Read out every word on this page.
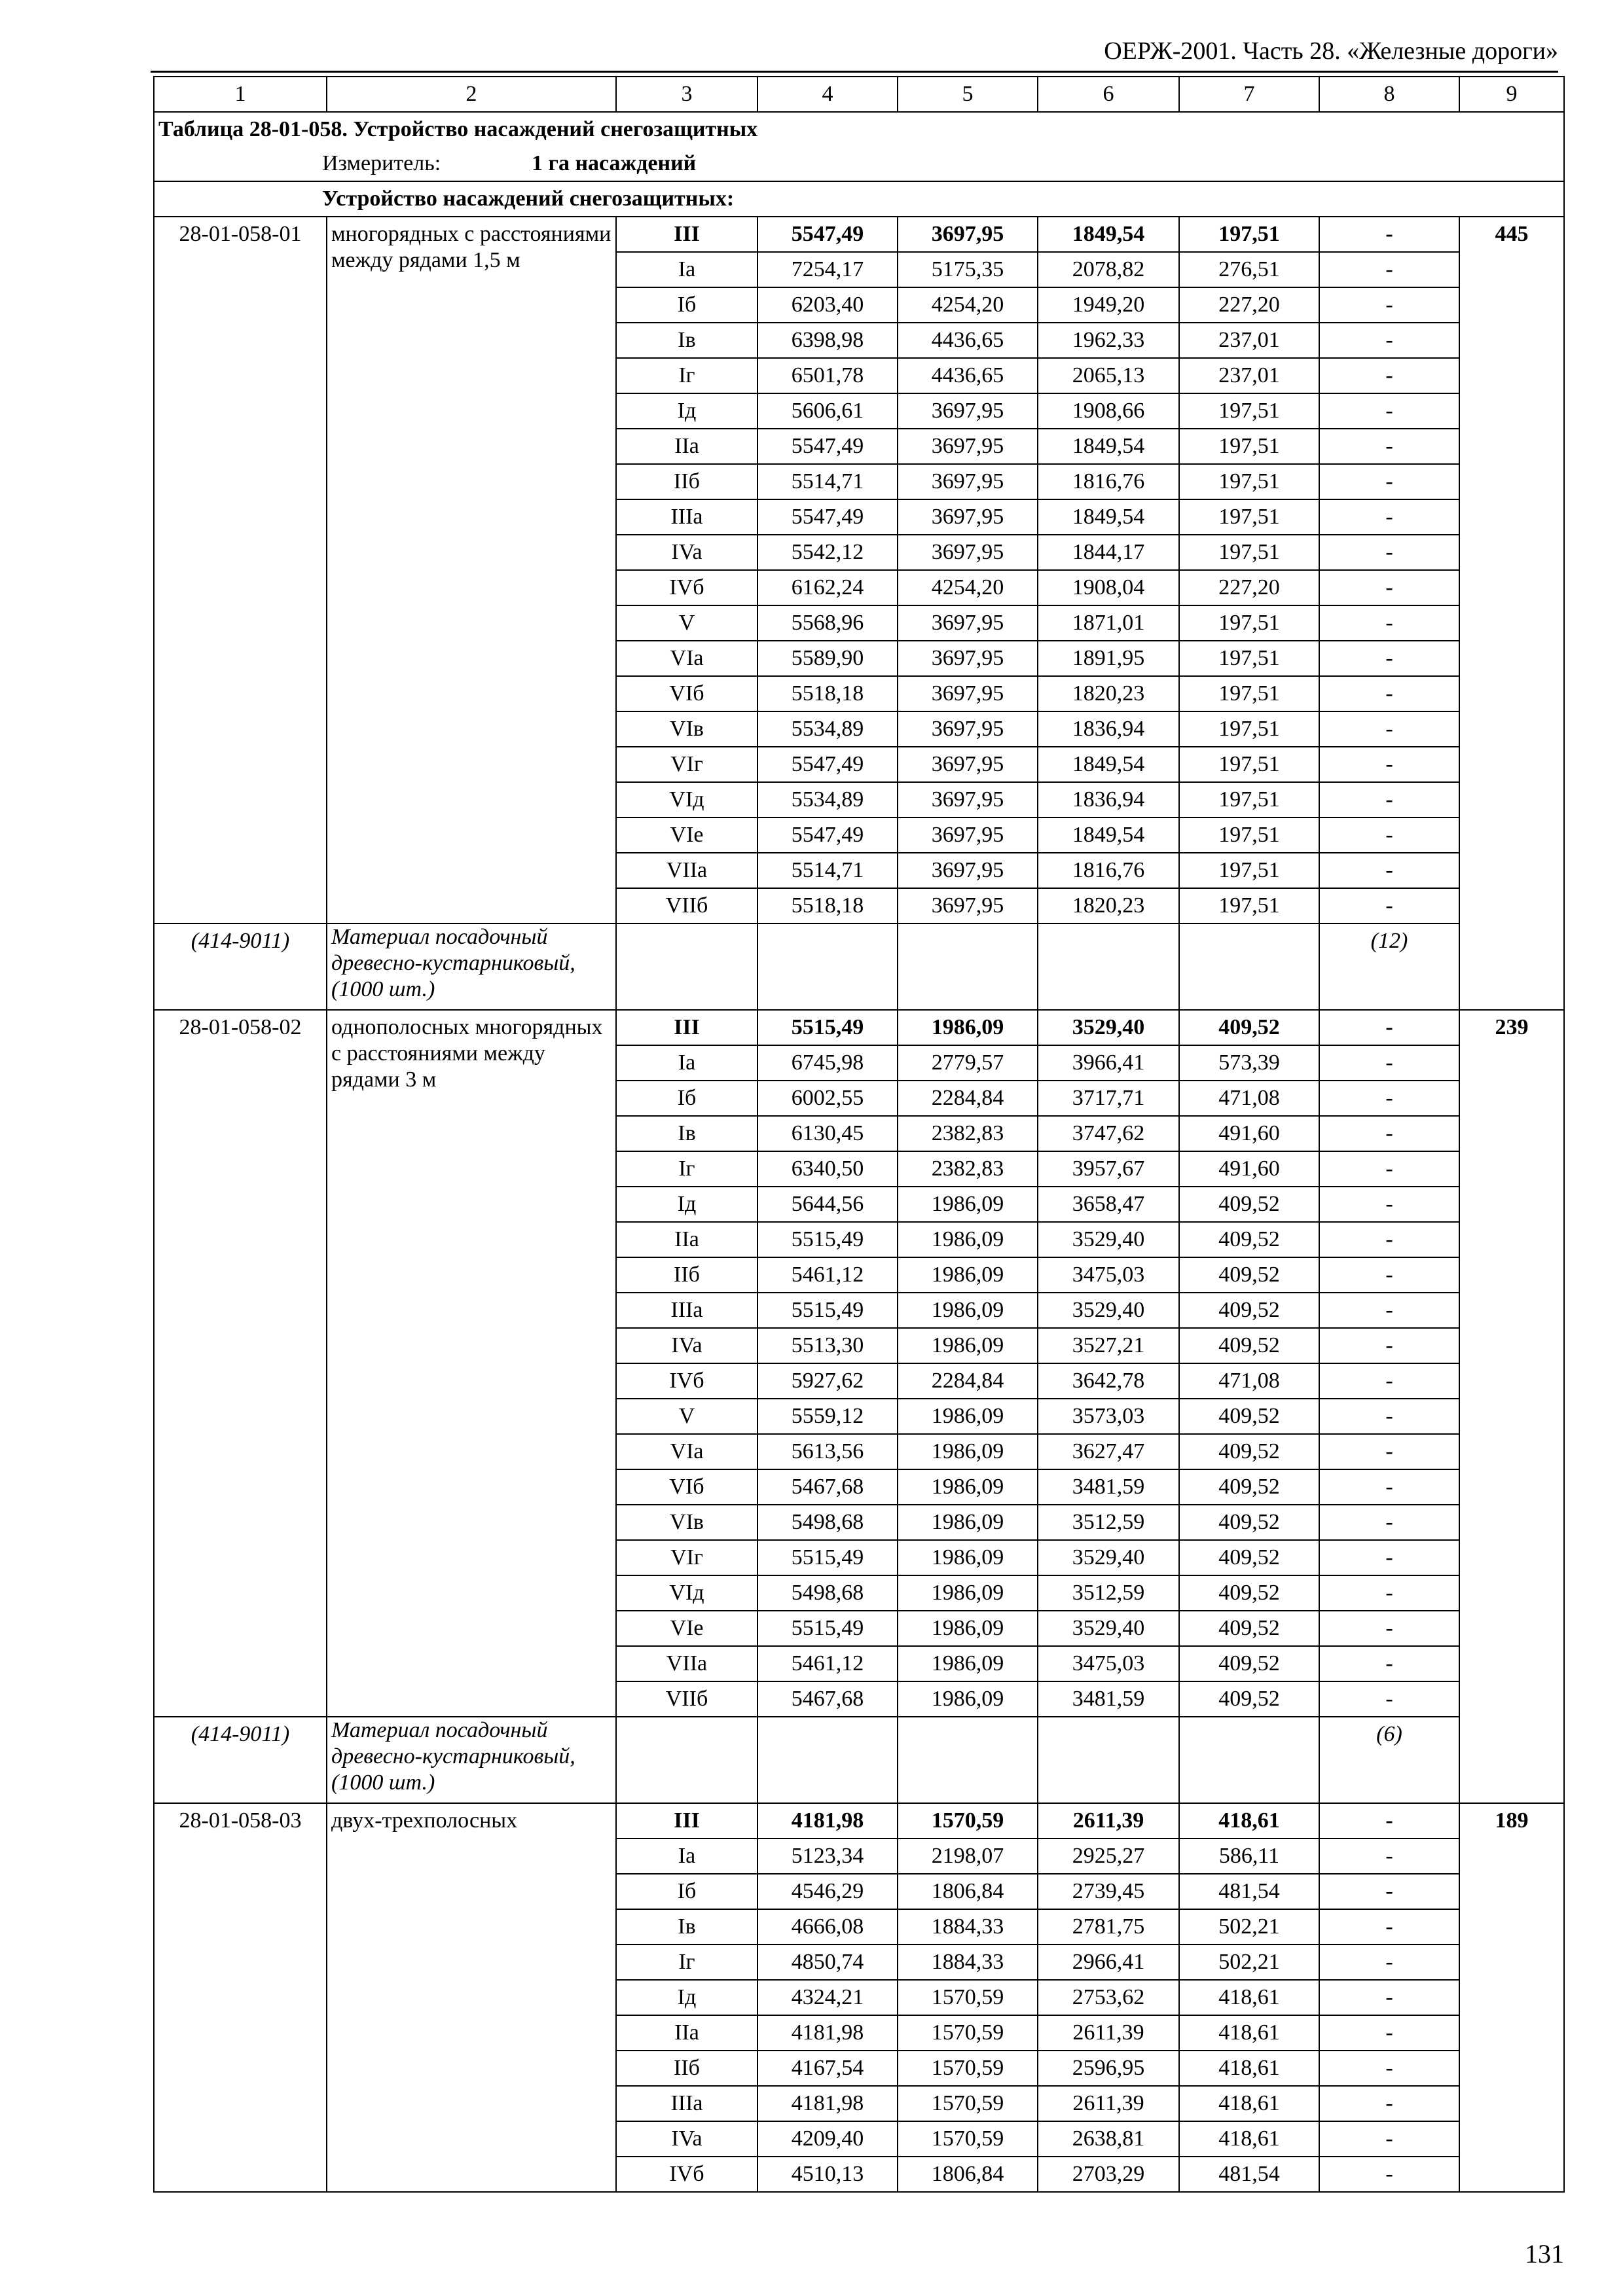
ОЕРЖ-2001. Часть 28. «Железные дороги»
1	2	3	4	5	6	7	8	9
Таблица 28-01-058. Устройство насаждений снегозащитных								
Измеритель: 1 га насаждений								
Устройство насаждений снегозащитных:								
28-01-058-01	многорядных с расстояниями между рядами 1,5 м	III	5547,49	3697,95	1849,54	197,51	-	445
		Ia	7254,17	5175,35	2078,82	276,51	-	
		Iб	6203,40	4254,20	1949,20	227,20	-	
		Iв	6398,98	4436,65	1962,33	237,01	-	
		Iг	6501,78	4436,65	2065,13	237,01	-	
		Iд	5606,61	3697,95	1908,66	197,51	-	
		IIa	5547,49	3697,95	1849,54	197,51	-	
		IIб	5514,71	3697,95	1816,76	197,51	-	
		IIIa	5547,49	3697,95	1849,54	197,51	-	
		IVa	5542,12	3697,95	1844,17	197,51	-	
		IVб	6162,24	4254,20	1908,04	227,20	-	
		V	5568,96	3697,95	1871,01	197,51	-	
		VIa	5589,90	3697,95	1891,95	197,51	-	
		VIб	5518,18	3697,95	1820,23	197,51	-	
		VIв	5534,89	3697,95	1836,94	197,51	-	
		VIг	5547,49	3697,95	1849,54	197,51	-	
		VIд	5534,89	3697,95	1836,94	197,51	-	
		VIe	5547,49	3697,95	1849,54	197,51	-	
		VIIa	5514,71	3697,95	1816,76	197,51	-	
		VIIб	5518,18	3697,95	1820,23	197,51	-	
(414-9011)	Материал посадочный древесно-кустарниковый, (1000 шт.)						(12)	
28-01-058-02	однополосных многорядных с расстояниями между рядами 3 м	III	5515,49	1986,09	3529,40	409,52	-	239
		Ia	6745,98	2779,57	3966,41	573,39	-	
		Iб	6002,55	2284,84	3717,71	471,08	-	
		Iв	6130,45	2382,83	3747,62	491,60	-	
		Iг	6340,50	2382,83	3957,67	491,60	-	
		Iд	5644,56	1986,09	3658,47	409,52	-	
		IIa	5515,49	1986,09	3529,40	409,52	-	
		IIб	5461,12	1986,09	3475,03	409,52	-	
		IIIa	5515,49	1986,09	3529,40	409,52	-	
		IVa	5513,30	1986,09	3527,21	409,52	-	
		IVб	5927,62	2284,84	3642,78	471,08	-	
		V	5559,12	1986,09	3573,03	409,52	-	
		VIa	5613,56	1986,09	3627,47	409,52	-	
		VIб	5467,68	1986,09	3481,59	409,52	-	
		VIв	5498,68	1986,09	3512,59	409,52	-	
		VIг	5515,49	1986,09	3529,40	409,52	-	
		VIд	5498,68	1986,09	3512,59	409,52	-	
		VIe	5515,49	1986,09	3529,40	409,52	-	
		VIIa	5461,12	1986,09	3475,03	409,52	-	
		VIIб	5467,68	1986,09	3481,59	409,52	-	
(414-9011)	Материал посадочный древесно-кустарниковый, (1000 шт.)						(6)	
28-01-058-03	двух-трехполосных	III	4181,98	1570,59	2611,39	418,61	-	189
		Ia	5123,34	2198,07	2925,27	586,11	-	
		Iб	4546,29	1806,84	2739,45	481,54	-	
		Iв	4666,08	1884,33	2781,75	502,21	-	
		Iг	4850,74	1884,33	2966,41	502,21	-	
		Iд	4324,21	1570,59	2753,62	418,61	-	
		IIa	4181,98	1570,59	2611,39	418,61	-	
		IIб	4167,54	1570,59	2596,95	418,61	-	
		IIIa	4181,98	1570,59	2611,39	418,61	-	
		IVa	4209,40	1570,59	2638,81	418,61	-	
		IVб	4510,13	1806,84	2703,29	481,54	-	
131
